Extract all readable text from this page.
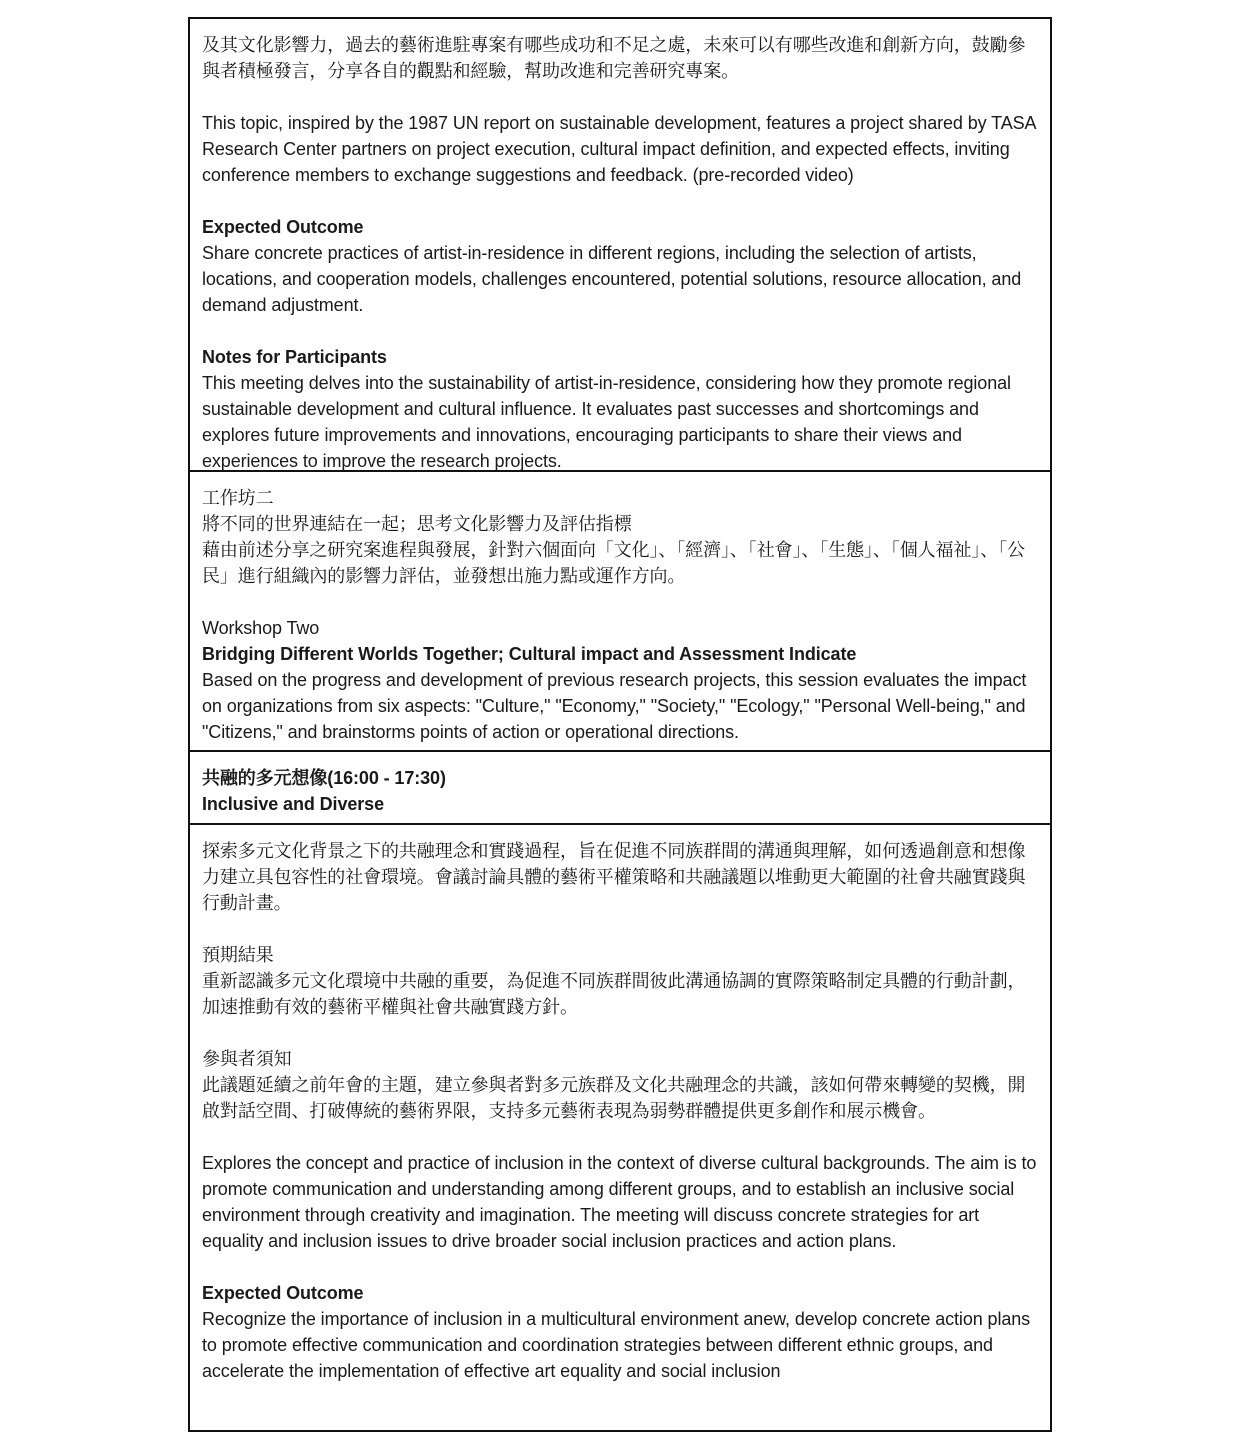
及其文化影響力，過去的藝術進駐專案有哪些成功和不足之處，未來可以有哪些改進和創新方向，鼓勵參與者積極發言，分享各自的觀點和經驗，幫助改進和完善研究專案。

This topic, inspired by the 1987 UN report on sustainable development, features a project shared by TASA Research Center partners on project execution, cultural impact definition, and expected effects, inviting conference members to exchange suggestions and feedback. (pre-recorded video)

Expected Outcome

Share concrete practices of artist-in-residence in different regions, including the selection of artists, locations, and cooperation models, challenges encountered, potential solutions, resource allocation, and demand adjustment.

Notes for Participants

This meeting delves into the sustainability of artist-in-residence, considering how they promote regional sustainable development and cultural influence. It evaluates past successes and shortcomings and explores future improvements and innovations, encouraging participants to share their views and experiences to improve the research projects.

工作坊二

將不同的世界連結在一起；思考文化影響力及評估指標

藉由前述分享之研究案進程與發展，針對六個面向「文化」、「經濟」、「社會」、「生態」、「個人福祉」、「公民」進行組織內的影響力評估，並發想出施力點或運作方向。

Workshop Two

Bridging Different Worlds Together; Cultural impact and Assessment Indicate

Based on the progress and development of previous research projects, this session evaluates the impact on organizations from six aspects: "Culture," "Economy," "Society," "Ecology," "Personal Well-being," and "Citizens," and brainstorms points of action or operational directions.

共融的多元想像(16:00 - 17:30)

Inclusive and Diverse

探索多元文化背景之下的共融理念和實踐過程，旨在促進不同族群間的溝通與理解，如何透過創意和想像力建立具包容性的社會環境。會議討論具體的藝術平權策略和共融議題以堆動更大範圍的社會共融實踐與行動計畫。

預期結果

重新認識多元文化環境中共融的重要，為促進不同族群間彼此溝通協調的實際策略制定具體的行動計劃，加速推動有效的藝術平權與社會共融實踐方針。

參與者須知

此議題延續之前年會的主題，建立參與者對多元族群及文化共融理念的共識，該如何帶來轉變的契機，開啟對話空間、打破傳統的藝術界限，支持多元藝術表現為弱勢群體提供更多創作和展示機會。

Explores the concept and practice of inclusion in the context of diverse cultural backgrounds. The aim is to promote communication and understanding among different groups, and to establish an inclusive social environment through creativity and imagination. The meeting will discuss concrete strategies for art equality and inclusion issues to drive broader social inclusion practices and action plans.

Expected Outcome

Recognize the importance of inclusion in a multicultural environment anew, develop concrete action plans to promote effective communication and coordination strategies between different ethnic groups, and accelerate the implementation of effective art equality and social inclusion
